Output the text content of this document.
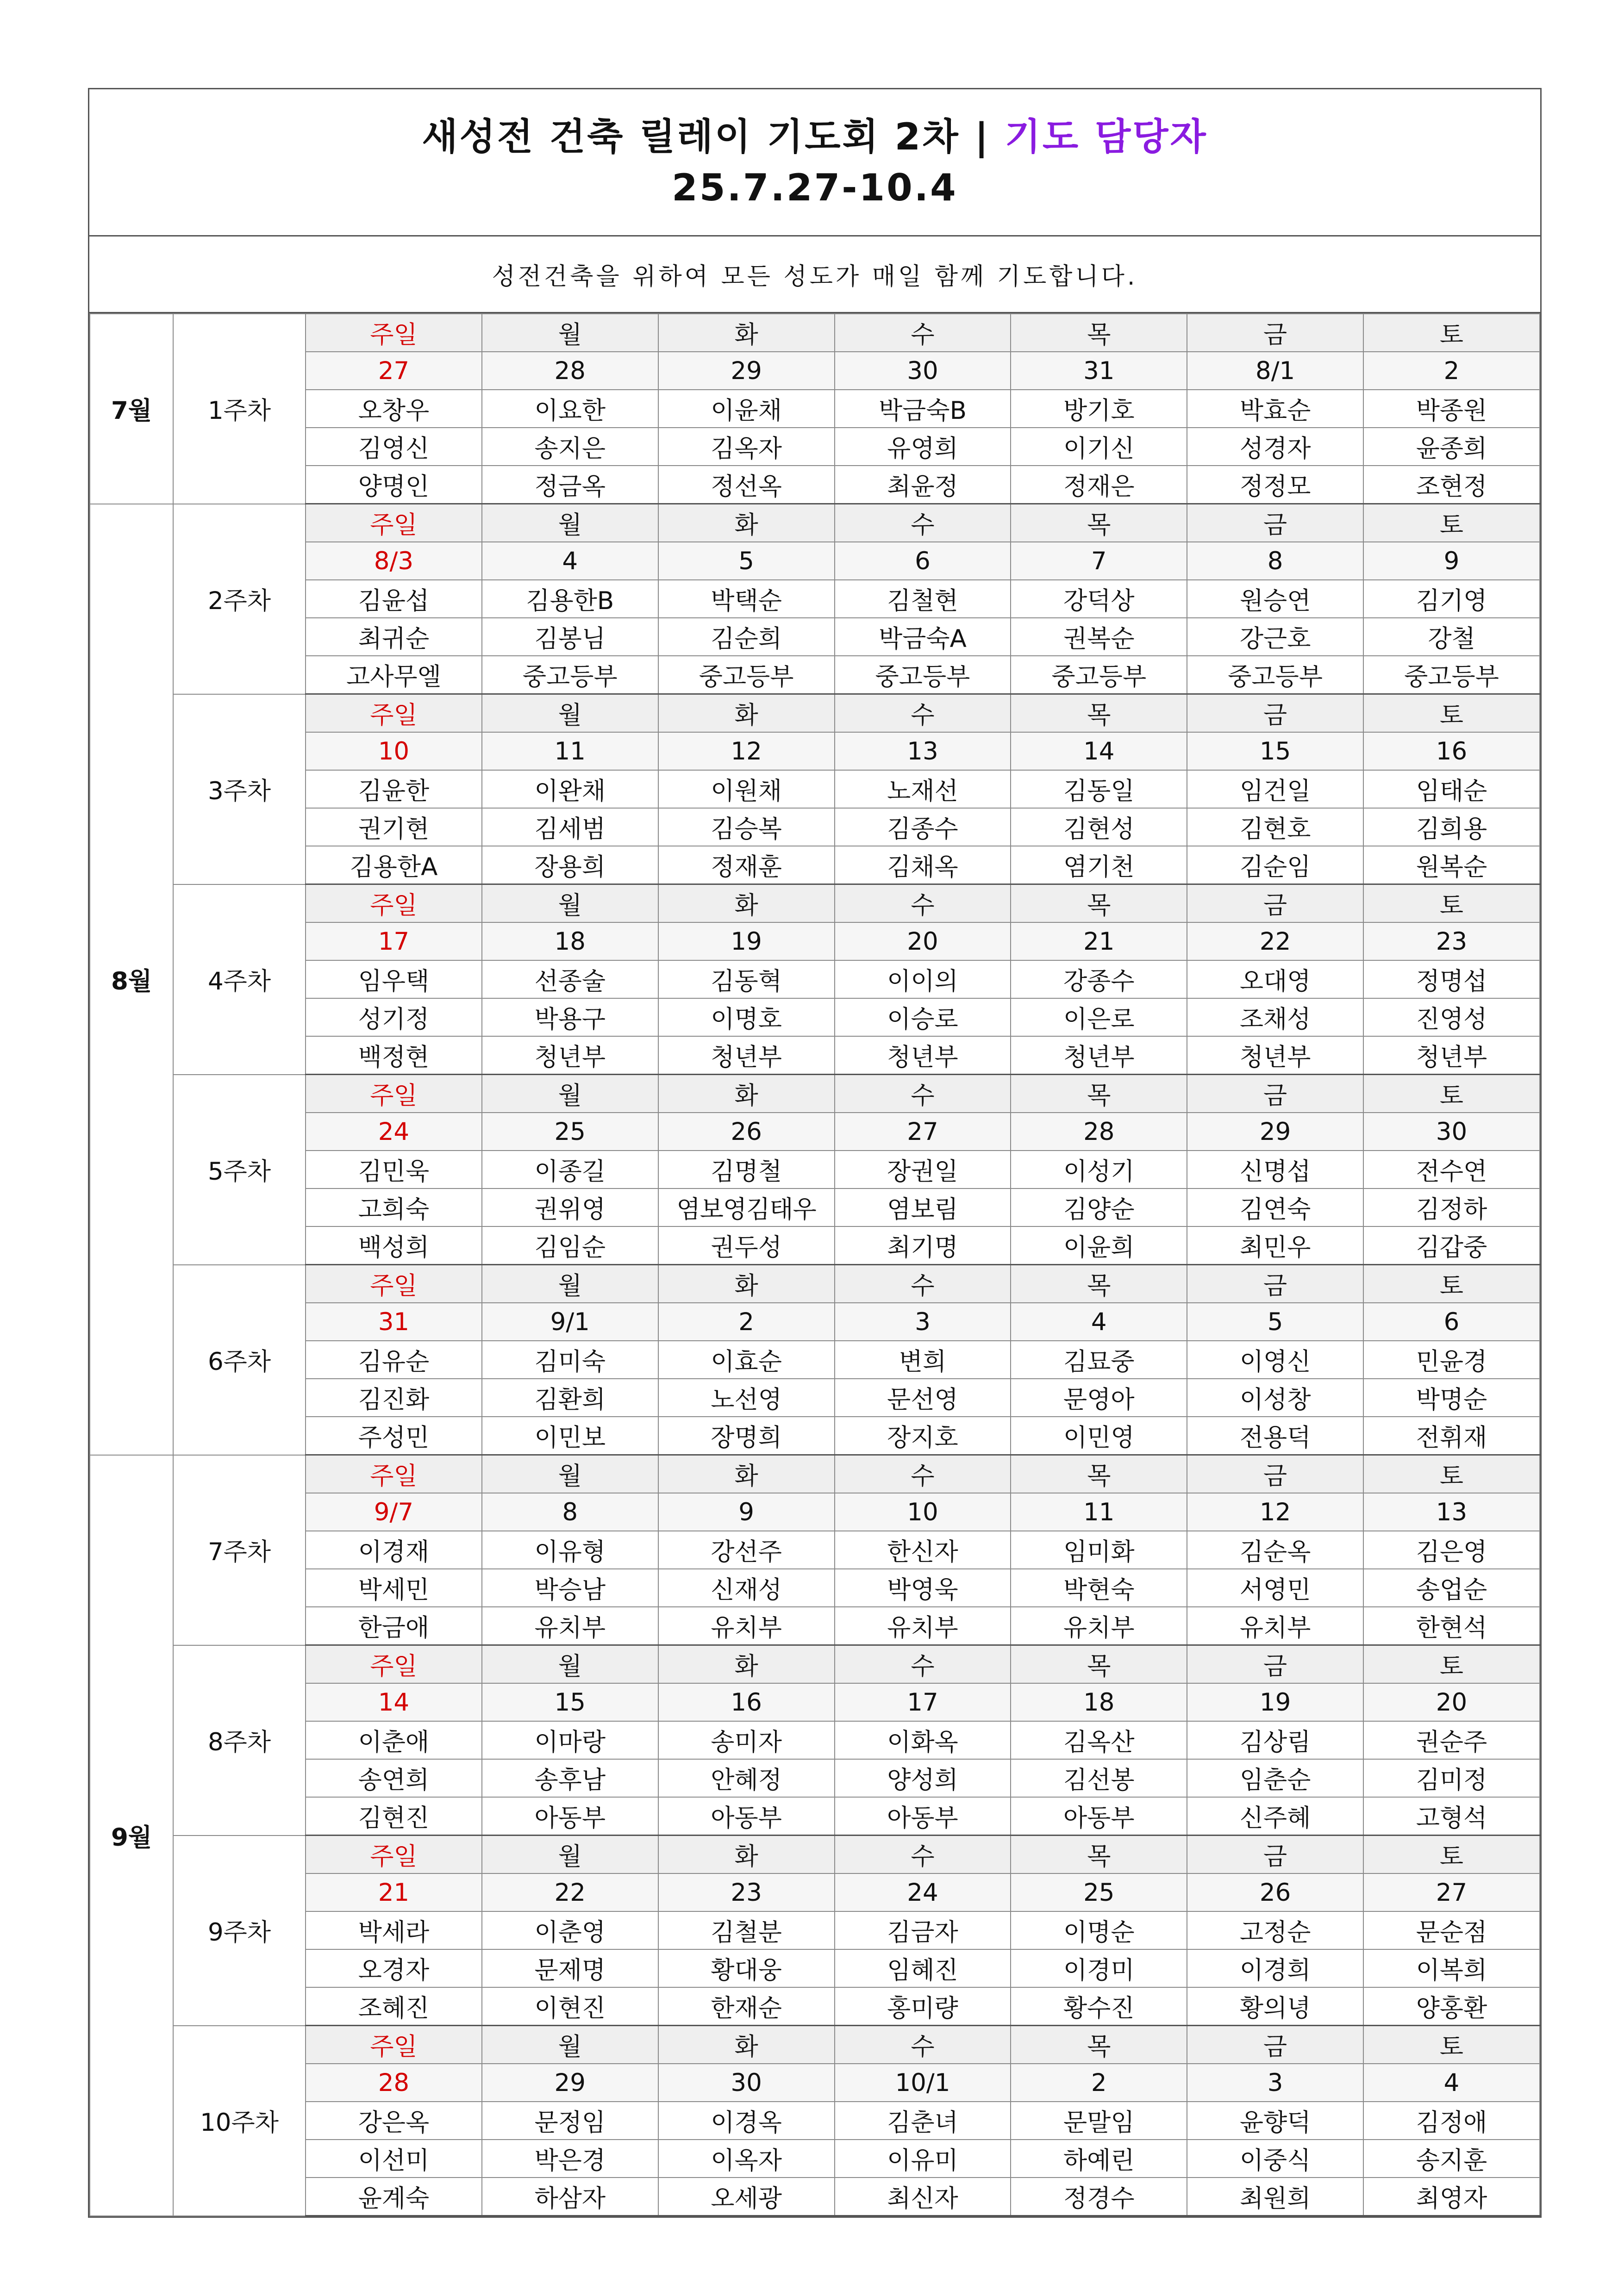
새성전 건축 릴레이 기도회 2차 | 기도 담당자
25.7.27-10.4
성전건축을 위하여 모든 성도가 매일 함께 기도합니다.
7월	1주차	주일	월	화	수	목	금	토
		27	28	29	30	31	8/1	2
		오창우	이요한	이윤채	박금숙B	방기호	박효순	박종원
		김영신	송지은	김옥자	유영희	이기신	성경자	윤종희
		양명인	정금옥	정선옥	최윤정	정재은	정정모	조현정
8월	2주차	주일	월	화	수	목	금	토
		8/3	4	5	6	7	8	9
		김윤섭	김용한B	박택순	김철현	강덕상	원승연	김기영
		최귀순	김봉님	김순희	박금숙A	권복순	강근호	강철
		고사무엘	중고등부	중고등부	중고등부	중고등부	중고등부	중고등부
	3주차	주일	월	화	수	목	금	토
		10	11	12	13	14	15	16
		김윤한	이완채	이원채	노재선	김동일	임건일	임태순
		권기현	김세범	김승복	김종수	김현성	김현호	김희용
		김용한A	장용희	정재훈	김채옥	염기천	김순임	원복순
	4주차	주일	월	화	수	목	금	토
		17	18	19	20	21	22	23
		임우택	선종술	김동혁	이이의	강종수	오대영	정명섭
		성기정	박용구	이명호	이승로	이은로	조채성	진영성
		백정현	청년부	청년부	청년부	청년부	청년부	청년부
	5주차	주일	월	화	수	목	금	토
		24	25	26	27	28	29	30
		김민욱	이종길	김명철	장권일	이성기	신명섭	전수연
		고희숙	권위영	염보영김태우	염보림	김양순	김연숙	김정하
		백성희	김임순	권두성	최기명	이윤희	최민우	김갑중
	6주차	주일	월	화	수	목	금	토
		31	9/1	2	3	4	5	6
		김유순	김미숙	이효순	변희	김묘중	이영신	민윤경
		김진화	김환희	노선영	문선영	문영아	이성창	박명순
		주성민	이민보	장명희	장지호	이민영	전용덕	전휘재
9월	7주차	주일	월	화	수	목	금	토
		9/7	8	9	10	11	12	13
		이경재	이유형	강선주	한신자	임미화	김순옥	김은영
		박세민	박승남	신재성	박영욱	박현숙	서영민	송업순
		한금애	유치부	유치부	유치부	유치부	유치부	한현석
	8주차	주일	월	화	수	목	금	토
		14	15	16	17	18	19	20
		이춘애	이마랑	송미자	이화옥	김옥산	김상림	권순주
		송연희	송후남	안혜정	양성희	김선봉	임춘순	김미정
		김현진	아동부	아동부	아동부	아동부	신주혜	고형석
	9주차	주일	월	화	수	목	금	토
		21	22	23	24	25	26	27
		박세라	이춘영	김철분	김금자	이명순	고정순	문순점
		오경자	문제명	황대웅	임혜진	이경미	이경희	이복희
		조혜진	이현진	한재순	홍미량	황수진	황의녕	양홍환
	10주차	주일	월	화	수	목	금	토
		28	29	30	10/1	2	3	4
		강은옥	문정임	이경옥	김춘녀	문말임	윤향덕	김정애
		이선미	박은경	이옥자	이유미	하예린	이중식	송지훈
		윤계숙	하삼자	오세광	최신자	정경수	최원희	최영자
